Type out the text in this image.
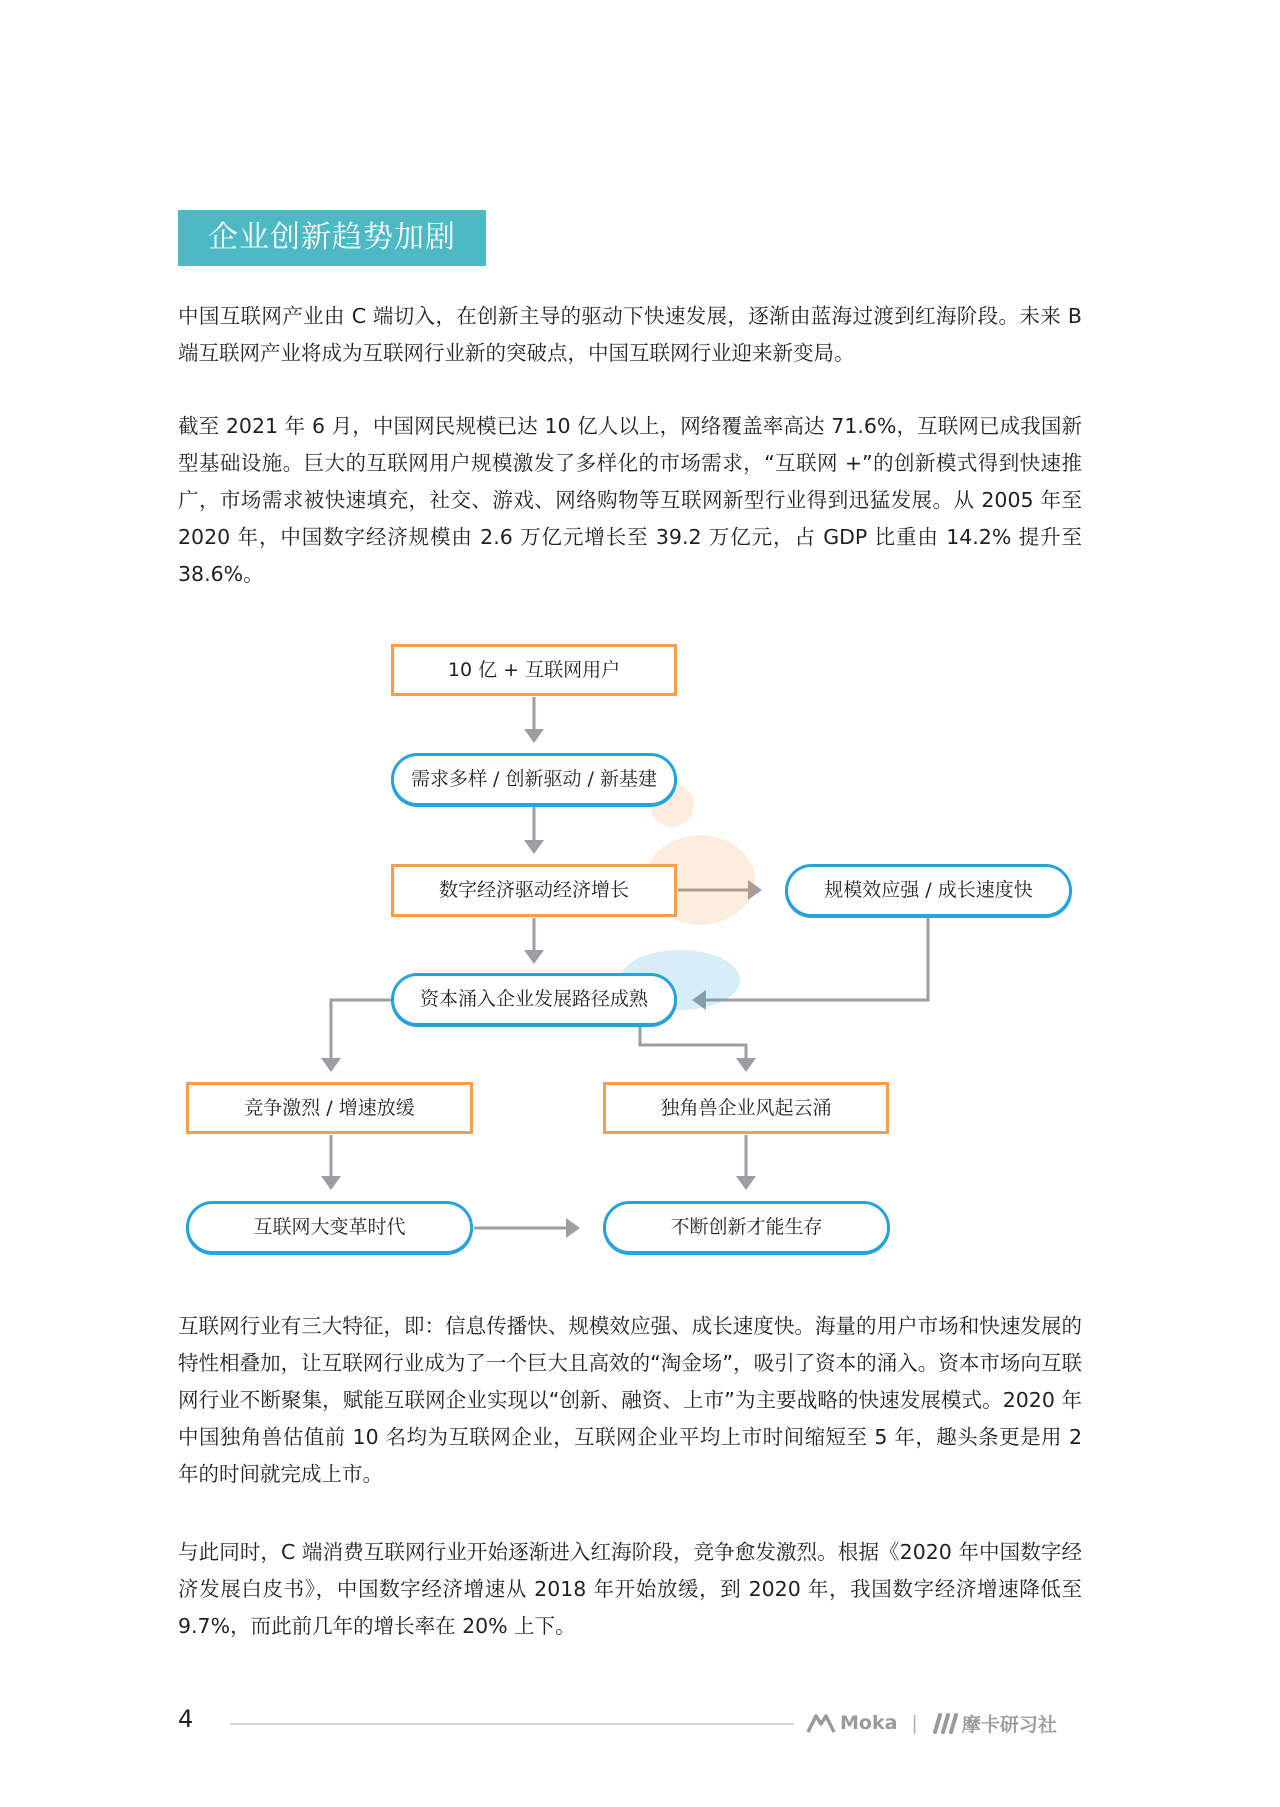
企业创新趋势加剧

中国互联网产业由 C 端切入，在创新主导的驱动下快速发展，逐渐由蓝海过渡到红海阶段。未来 B 端互联网产业将成为互联网行业新的突破点，中国互联网行业迎来新变局。

截至 2021 年 6 月，中国网民规模已达 10 亿人以上，网络覆盖率高达 71.6%，互联网已成我国新型基础设施。巨大的互联网用户规模激发了多样化的市场需求，“互联网 +”的创新模式得到快速推广，市场需求被快速填充，社交、游戏、网络购物等互联网新型行业得到迅猛发展。从 2005 年至 2020 年，中国数字经济规模由 2.6 万亿元增长至 39.2 万亿元，占 GDP 比重由 14.2% 提升至 38.6%。

10 亿 + 互联网用户
需求多样 / 创新驱动 / 新基建
数字经济驱动经济增长	规模效应强 / 成长速度快
资本涌入企业发展路径成熟
竞争激烈 / 增速放缓	独角兽企业风起云涌
互联网大变革时代	不断创新才能生存

互联网行业有三大特征，即：信息传播快、规模效应强、成长速度快。海量的用户市场和快速发展的特性相叠加，让互联网行业成为了一个巨大且高效的“淘金场”，吸引了资本的涌入。资本市场向互联网行业不断聚集，赋能互联网企业实现以“创新、融资、上市”为主要战略的快速发展模式。2020 年中国独角兽估值前 10 名均为互联网企业，互联网企业平均上市时间缩短至 5 年，趣头条更是用 2 年的时间就完成上市。

与此同时，C 端消费互联网行业开始逐渐进入红海阶段，竞争愈发激烈。根据《2020 年中国数字经济发展白皮书》，中国数字经济增速从 2018 年开始放缓，到 2020 年，我国数字经济增速降低至 9.7%，而此前几年的增长率在 20% 上下。

4	Moka | 摩卡研习社
